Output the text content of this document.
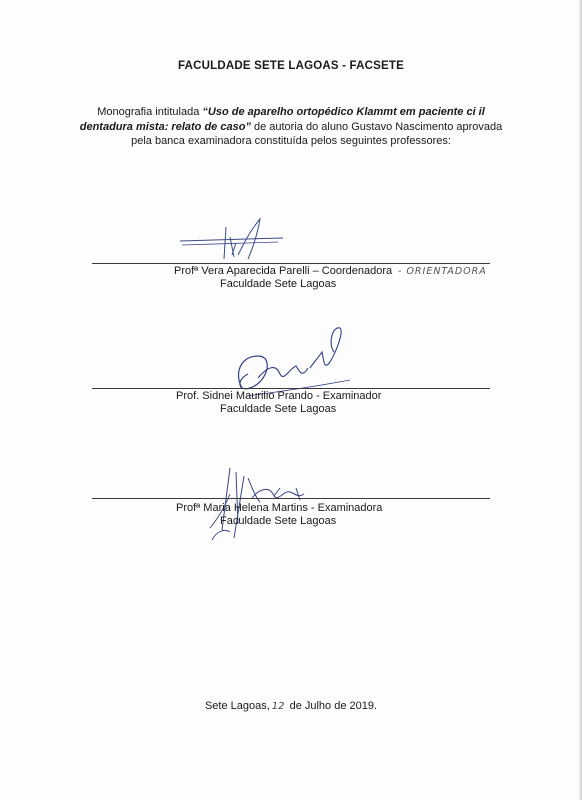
FACULDADE SETE LAGOAS - FACSETE
Monografia intitulada “Uso de aparelho ortopédico Klammt em paciente ci il dentadura mista: relato de caso” de autoria do aluno Gustavo Nascimento aprovada pela banca examinadora constituída pelos seguintes professores:
Profª Vera Aparecida Parelli – Coordenadora - ORIENTADORA
Faculdade Sete Lagoas
Prof. Sidnei Maurilio Prando - Examinador
Faculdade Sete Lagoas
Profª Maria Helena Martins - Examinadora
Faculdade Sete Lagoas
Sete Lagoas, 12 de Julho de 2019.
